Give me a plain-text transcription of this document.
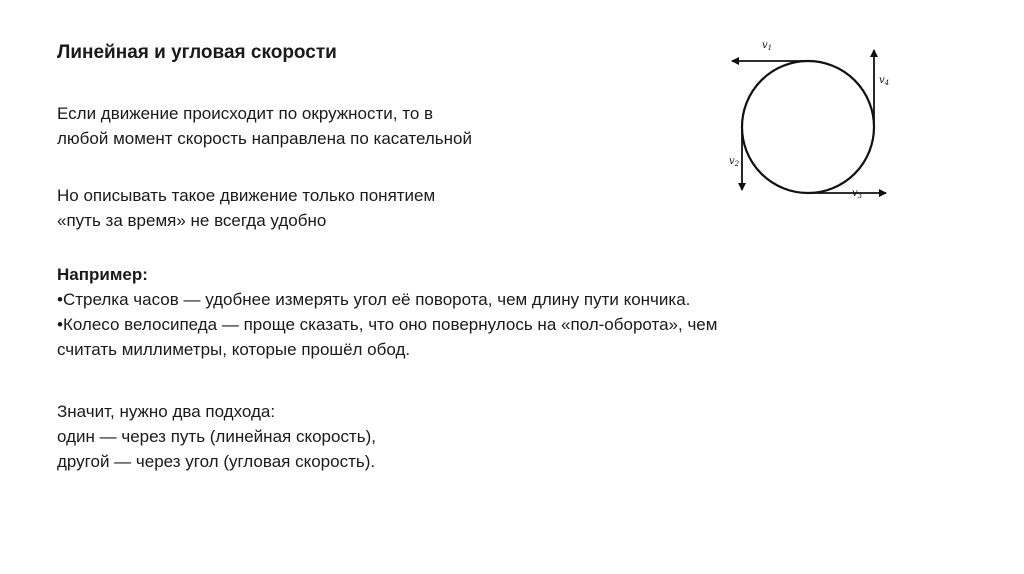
Линейная и угловая скорости

Если движение происходит по окружности, то в
любой момент скорость направлена по касательной

Но описывать такое движение только понятием
«путь за время» не всегда удобно

Например:
•Стрелка часов — удобнее измерять угол её поворота, чем длину пути кончика.
•Колесо велосипеда — проще сказать, что оно повернулось на «пол-оборота», чем
считать миллиметры, которые прошёл обод.

Значит, нужно два подхода:
один — через путь (линейная скорость),
другой — через угол (угловая скорость).

$v_1$
$v_2$
$v_3$
$v_4$
